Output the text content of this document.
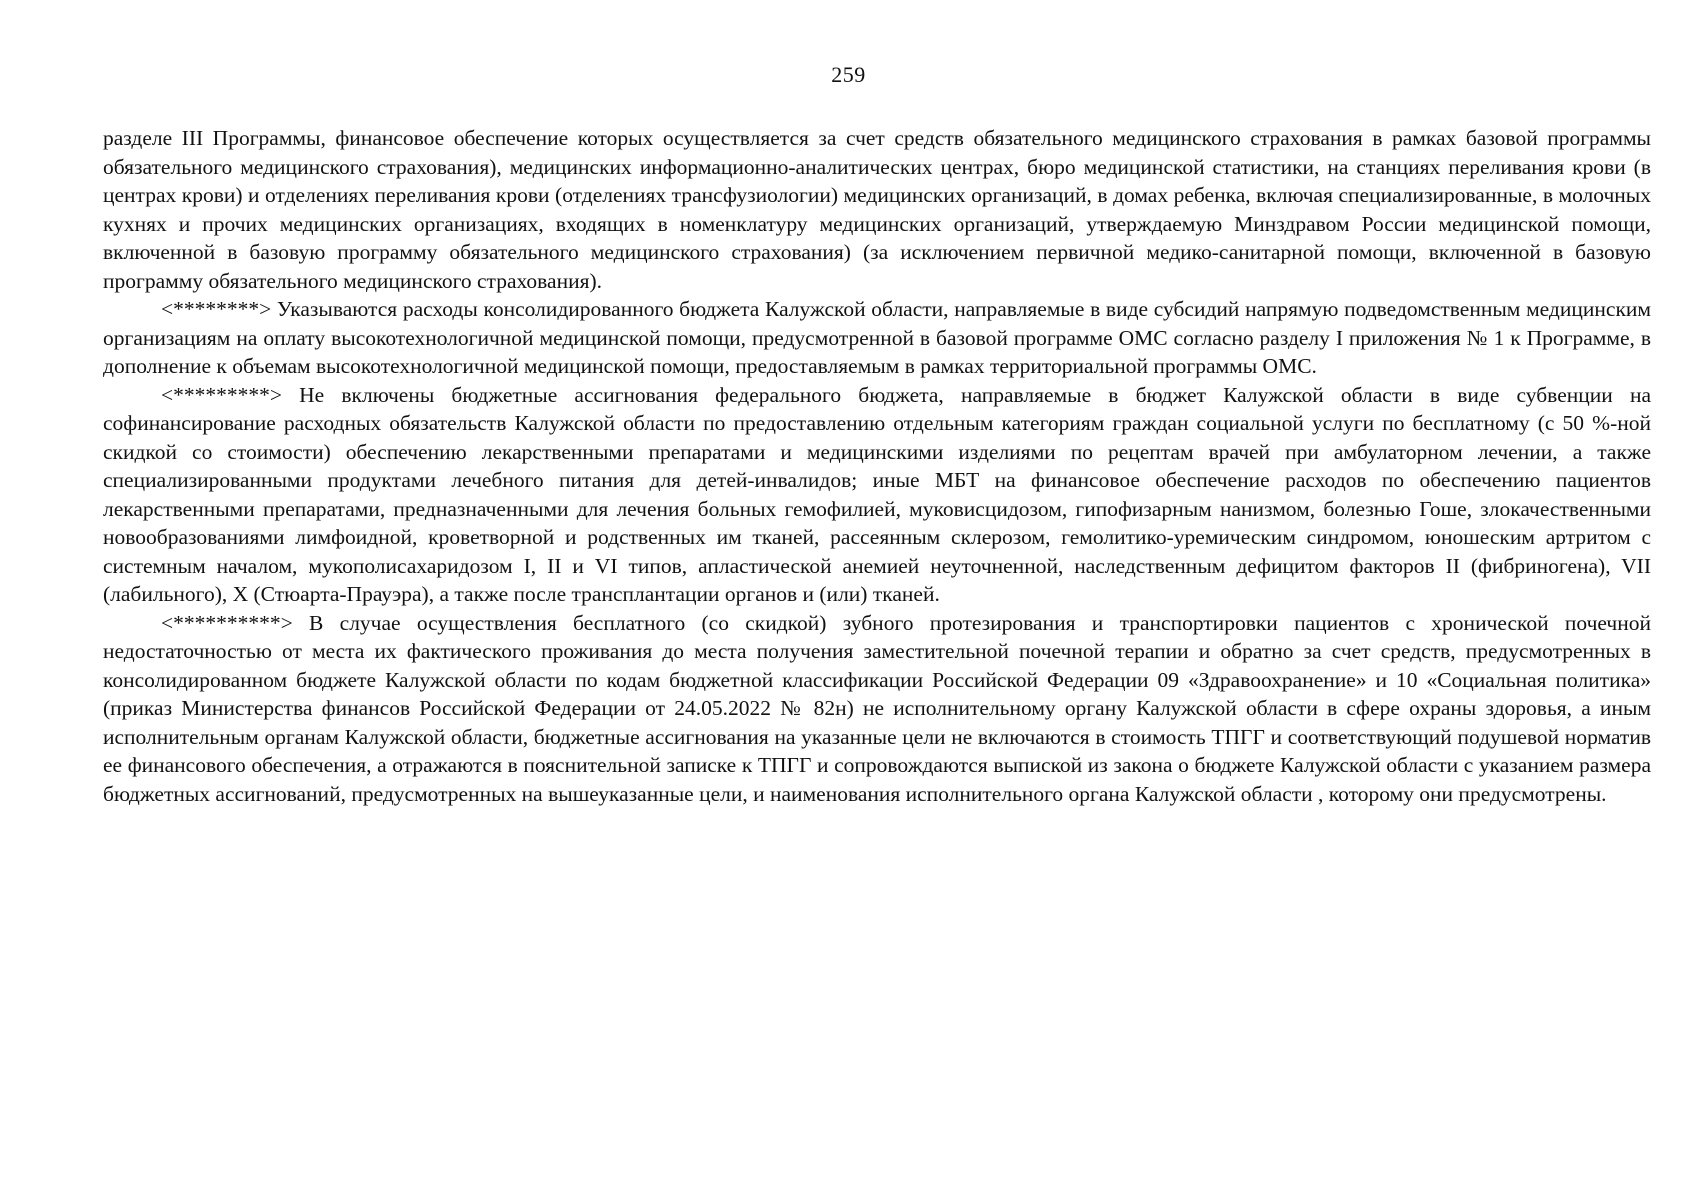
259

разделе III Программы, финансовое обеспечение которых осуществляется за счет средств обязательного медицинского страхования в рамках базовой программы обязательного медицинского страхования), медицинских информационно-аналитических центрах, бюро медицинской статистики, на станциях переливания крови (в центрах крови) и отделениях переливания крови (отделениях трансфузиологии) медицинских организаций, в домах ребенка, включая специализированные, в молочных кухнях и прочих медицинских организациях, входящих в номенклатуру медицинских организаций, утверждаемую Минздравом России медицинской помощи, включенной в базовую программу обязательного медицинского страхования) (за исключением первичной медико-санитарной помощи, включенной в базовую программу обязательного медицинского страхования).

<********> Указываются расходы консолидированного бюджета Калужской области, направляемые в виде субсидий напрямую подведомственным медицинским организациям на оплату высокотехнологичной медицинской помощи, предусмотренной в базовой программе ОМС согласно разделу I приложения № 1 к Программе, в дополнение к объемам высокотехнологичной медицинской помощи, предоставляемым в рамках территориальной программы ОМС.

<*********> Не включены бюджетные ассигнования федерального бюджета, направляемые в бюджет Калужской области в виде субвенции на софинансирование расходных обязательств Калужской области по предоставлению отдельным категориям граждан социальной услуги по бесплатному (с 50 %-ной скидкой со стоимости) обеспечению лекарственными препаратами и медицинскими изделиями по рецептам врачей при амбулаторном лечении, а также специализированными продуктами лечебного питания для детей-инвалидов; иные МБТ на финансовое обеспечение расходов по обеспечению пациентов лекарственными препаратами, предназначенными для лечения больных гемофилией, муковисцидозом, гипофизарным нанизмом, болезнью Гоше, злокачественными новообразованиями лимфоидной, кроветворной и родственных им тканей, рассеянным склерозом, гемолитико-уремическим синдромом, юношеским артритом с системным началом, мукополисахаридозом I, II и VI типов, апластической анемией неуточненной, наследственным дефицитом факторов II (фибриногена), VII (лабильного), X (Стюарта-Прауэра), а также после трансплантации органов и (или) тканей.

<**********> В случае осуществления бесплатного (со скидкой) зубного протезирования и транспортировки пациентов с хронической почечной недостаточностью от места их фактического проживания до места получения заместительной почечной терапии и обратно за счет средств, предусмотренных в консолидированном бюджете Калужской области по кодам бюджетной классификации Российской Федерации 09 «Здравоохранение» и 10 «Социальная политика» (приказ Министерства финансов Российской Федерации от 24.05.2022 № 82н) не исполнительному органу Калужской области в сфере охраны здоровья, а иным исполнительным органам Калужской области, бюджетные ассигнования на указанные цели не включаются в стоимость ТПГГ и соответствующий подушевой норматив ее финансового обеспечения, а отражаются в пояснительной записке к ТПГГ и сопровождаются выпиской из закона о бюджете Калужской области с указанием размера бюджетных ассигнований, предусмотренных на вышеуказанные цели, и наименования исполнительного органа Калужской области , которому они предусмотрены.
